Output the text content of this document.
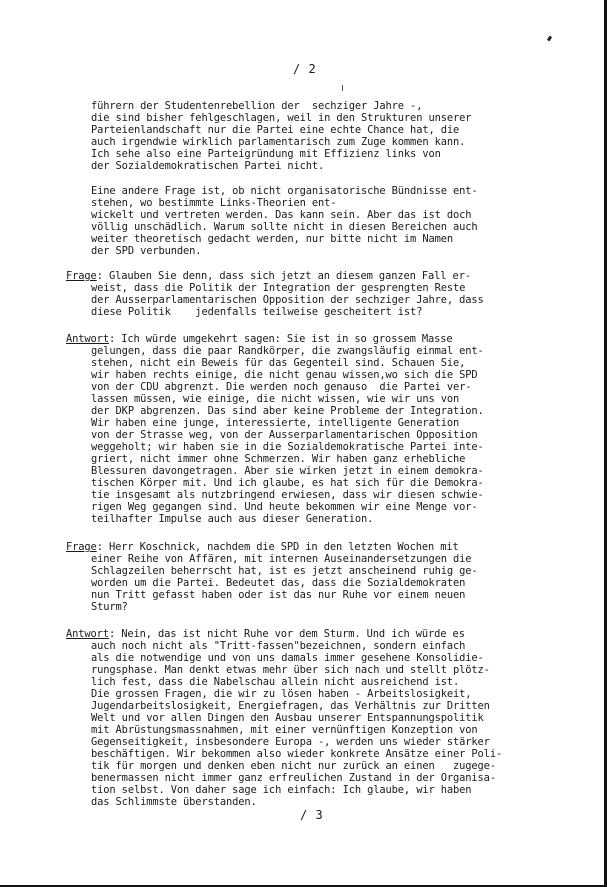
/ 2
führern der Studentenrebellion der  sechziger Jahre -,
die sind bisher fehlgeschlagen, weil in den Strukturen unserer
Parteienlandschaft nur die Partei eine echte Chance hat, die
auch irgendwie wirklich parlamentarisch zum Zuge kommen kann.
Ich sehe also eine Parteigründung mit Effizienz links von
der Sozialdemokratischen Partei nicht.
Eine andere Frage ist, ob nicht organisatorische Bündnisse ent-
stehen, wo bestimmte Links-Theorien ent-
wickelt und vertreten werden. Das kann sein. Aber das ist doch
völlig unschädlich. Warum sollte nicht in diesen Bereichen auch
weiter theoretisch gedacht werden, nur bitte nicht im Namen
der SPD verbunden.
Frage: Glauben Sie denn, dass sich jetzt an diesem ganzen Fall er-
weist, dass die Politik der Integration der gesprengten Reste
der Ausserparlamentarischen Opposition der sechziger Jahre, dass
diese Politik    jedenfalls teilweise gescheitert ist?
Antwort: Ich würde umgekehrt sagen: Sie ist in so grossem Masse
gelungen, dass die paar Randkörper, die zwangsläufig einmal ent-
stehen, nicht ein Beweis für das Gegenteil sind. Schauen Sie,
wir haben rechts einige, die nicht genau wissen,wo sich die SPD
von der CDU abgrenzt. Die werden noch genauso  die Partei ver-
lassen müssen, wie einige, die nicht wissen, wie wir uns von
der DKP abgrenzen. Das sind aber keine Probleme der Integration.
Wir haben eine junge, interessierte, intelligente Generation
von der Strasse weg, von der Ausserparlamentarischen Opposition
weggeholt; wir haben sie in die Sozialdemokratische Partei inte-
griert, nicht immer ohne Schmerzen. Wir haben ganz erhebliche
Blessuren davongetragen. Aber sie wirken jetzt in einem demokra-
tischen Körper mit. Und ich glaube, es hat sich für die Demokra-
tie insgesamt als nutzbringend erwiesen, dass wir diesen schwie-
rigen Weg gegangen sind. Und heute bekommen wir eine Menge vor-
teilhafter Impulse auch aus dieser Generation.
Frage: Herr Koschnick, nachdem die SPD in den letzten Wochen mit
einer Reihe von Affären, mit internen Auseinandersetzungen die
Schlagzeilen beherrscht hat, ist es jetzt anscheinend ruhig ge-
worden um die Partei. Bedeutet das, dass die Sozialdemokraten
nun Tritt gefasst haben oder ist das nur Ruhe vor einem neuen
Sturm?
Antwort: Nein, das ist nicht Ruhe vor dem Sturm. Und ich würde es
auch noch nicht als "Tritt-fassen"bezeichnen, sondern einfach
als die notwendige und von uns damals immer gesehene Konsolidie-
rungsphase. Man denkt etwas mehr über sich nach und stellt plötz-
lich fest, dass die Nabelschau allein nicht ausreichend ist.
Die grossen Fragen, die wir zu lösen haben - Arbeitslosigkeit,
Jugendarbeitslosigkeit, Energiefragen, das Verhältnis zur Dritten
Welt und vor allen Dingen den Ausbau unserer Entspannungspolitik
mit Abrüstungsmassnahmen, mit einer vernünftigen Konzeption von
Gegenseitigkeit, insbesondere Europa -, werden uns wieder stärker
beschäftigen. Wir bekommen also wieder konkrete Ansätze einer Poli-
tik für morgen und denken eben nicht nur zurück an einen   zugege-
benermassen nicht immer ganz erfreulichen Zustand in der Organisa-
tion selbst. Von daher sage ich einfach: Ich glaube, wir haben
das Schlimmste überstanden.
/ 3
